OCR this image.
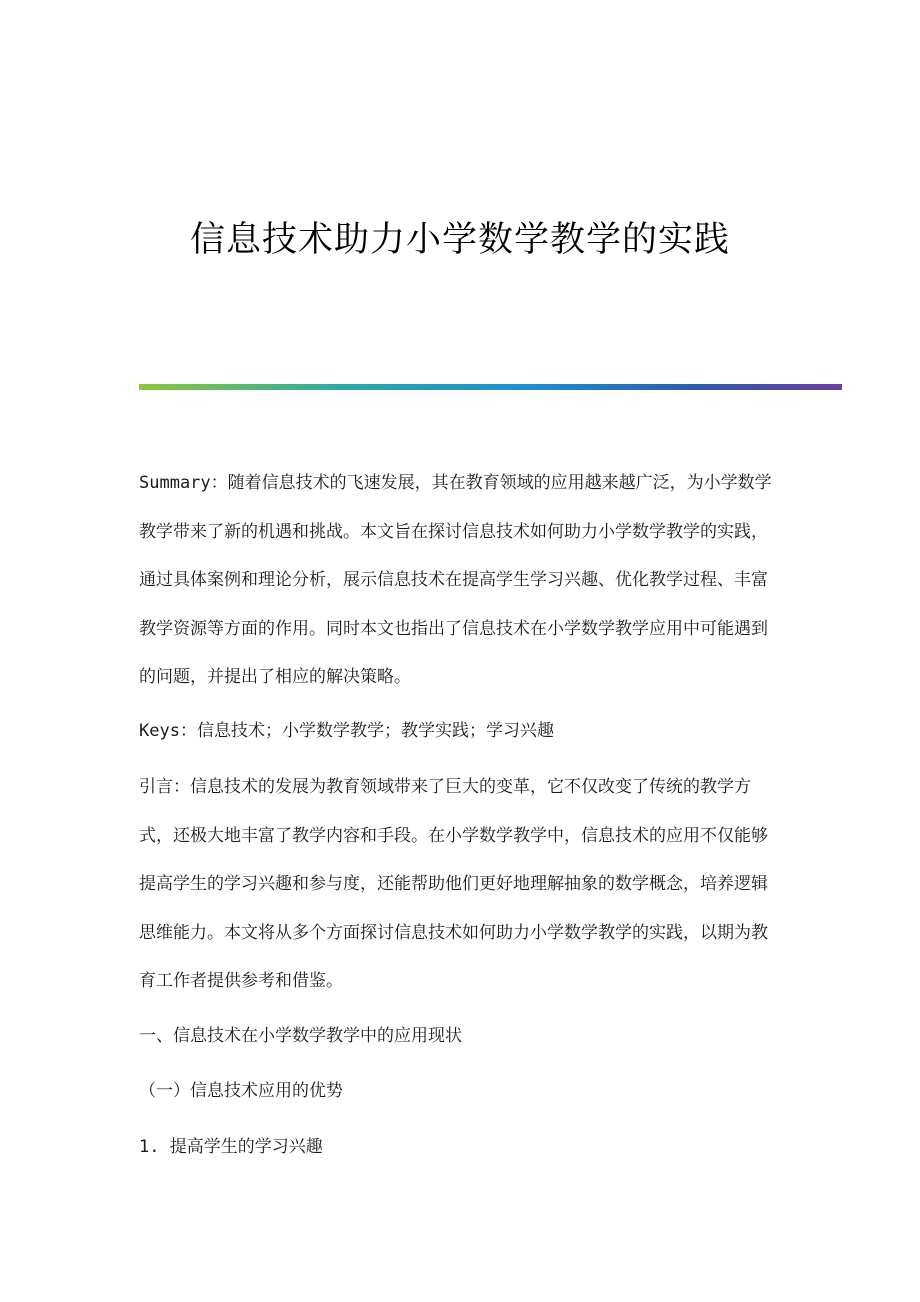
信息技术助力小学数学教学的实践

Summary：随着信息技术的飞速发展，其在教育领域的应用越来越广泛，为小学数学教学带来了新的机遇和挑战。本文旨在探讨信息技术如何助力小学数学教学的实践，通过具体案例和理论分析，展示信息技术在提高学生学习兴趣、优化教学过程、丰富教学资源等方面的作用。同时本文也指出了信息技术在小学数学教学应用中可能遇到的问题，并提出了相应的解决策略。

Keys：信息技术；小学数学教学；教学实践；学习兴趣

引言：信息技术的发展为教育领域带来了巨大的变革，它不仅改变了传统的教学方式，还极大地丰富了教学内容和手段。在小学数学教学中，信息技术的应用不仅能够提高学生的学习兴趣和参与度，还能帮助他们更好地理解抽象的数学概念，培养逻辑思维能力。本文将从多个方面探讨信息技术如何助力小学数学教学的实践，以期为教育工作者提供参考和借鉴。

一、信息技术在小学数学教学中的应用现状

（一）信息技术应用的优势

1. 提高学生的学习兴趣
